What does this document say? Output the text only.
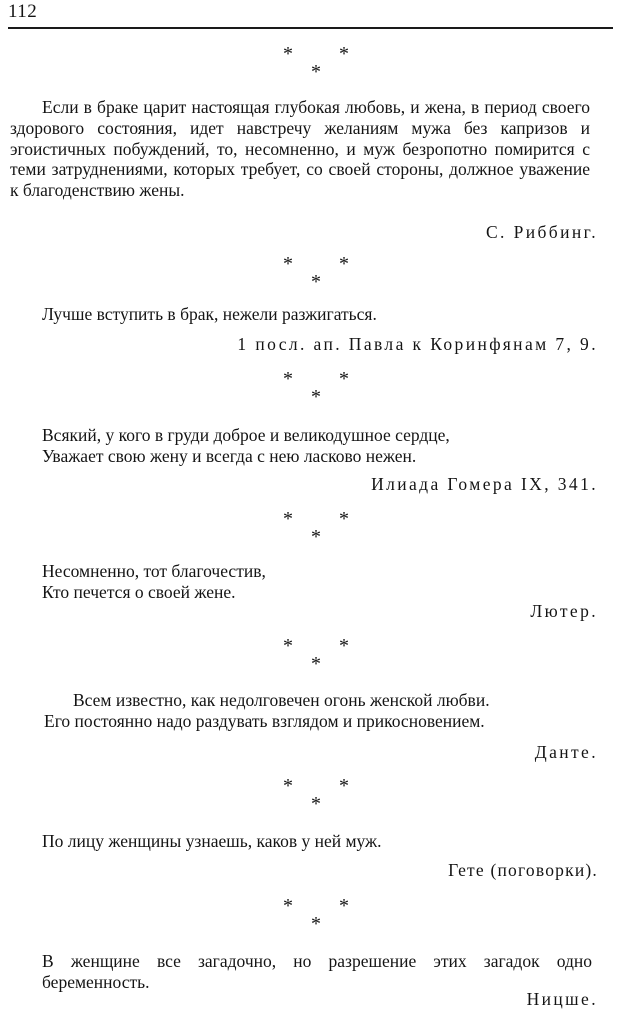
112
* *
*

Если в браке царит настоящая глубокая любовь, и жена, в период своего здорового состояния, идет навстречу желаниям мужа без капризов и эгоистичных побуждений, то, несомненно, и муж безропотно помирится с теми затруднениями, которых требует, со своей стороны, должное уважение к благоденствию жены.

С. Риббинг.
* *
*
Лучше вступить в брак, нежели разжигаться.
1 посл. ап. Павла к Коринфянам 7, 9.
* *
*
Всякий, у кого в груди доброе и великодушное сердце,
Уважает свою жену и всегда с нею ласково нежен.
Илиада Гомера IX, 341.
* *
*
Несомненно, тот благочестив,
Кто печется о своей жене.
Лютер.
* *
*
Всем известно, как недолговечен огонь женской любви.
Его постоянно надо раздувать взглядом и прикосновением.
Данте.
* *
*
По лицу женщины узнаешь, каков у ней муж.
Гете (поговорки).
* *
*

В женщине все загадочно, но разрешение этих загадок одно беременность.

Ницше.
